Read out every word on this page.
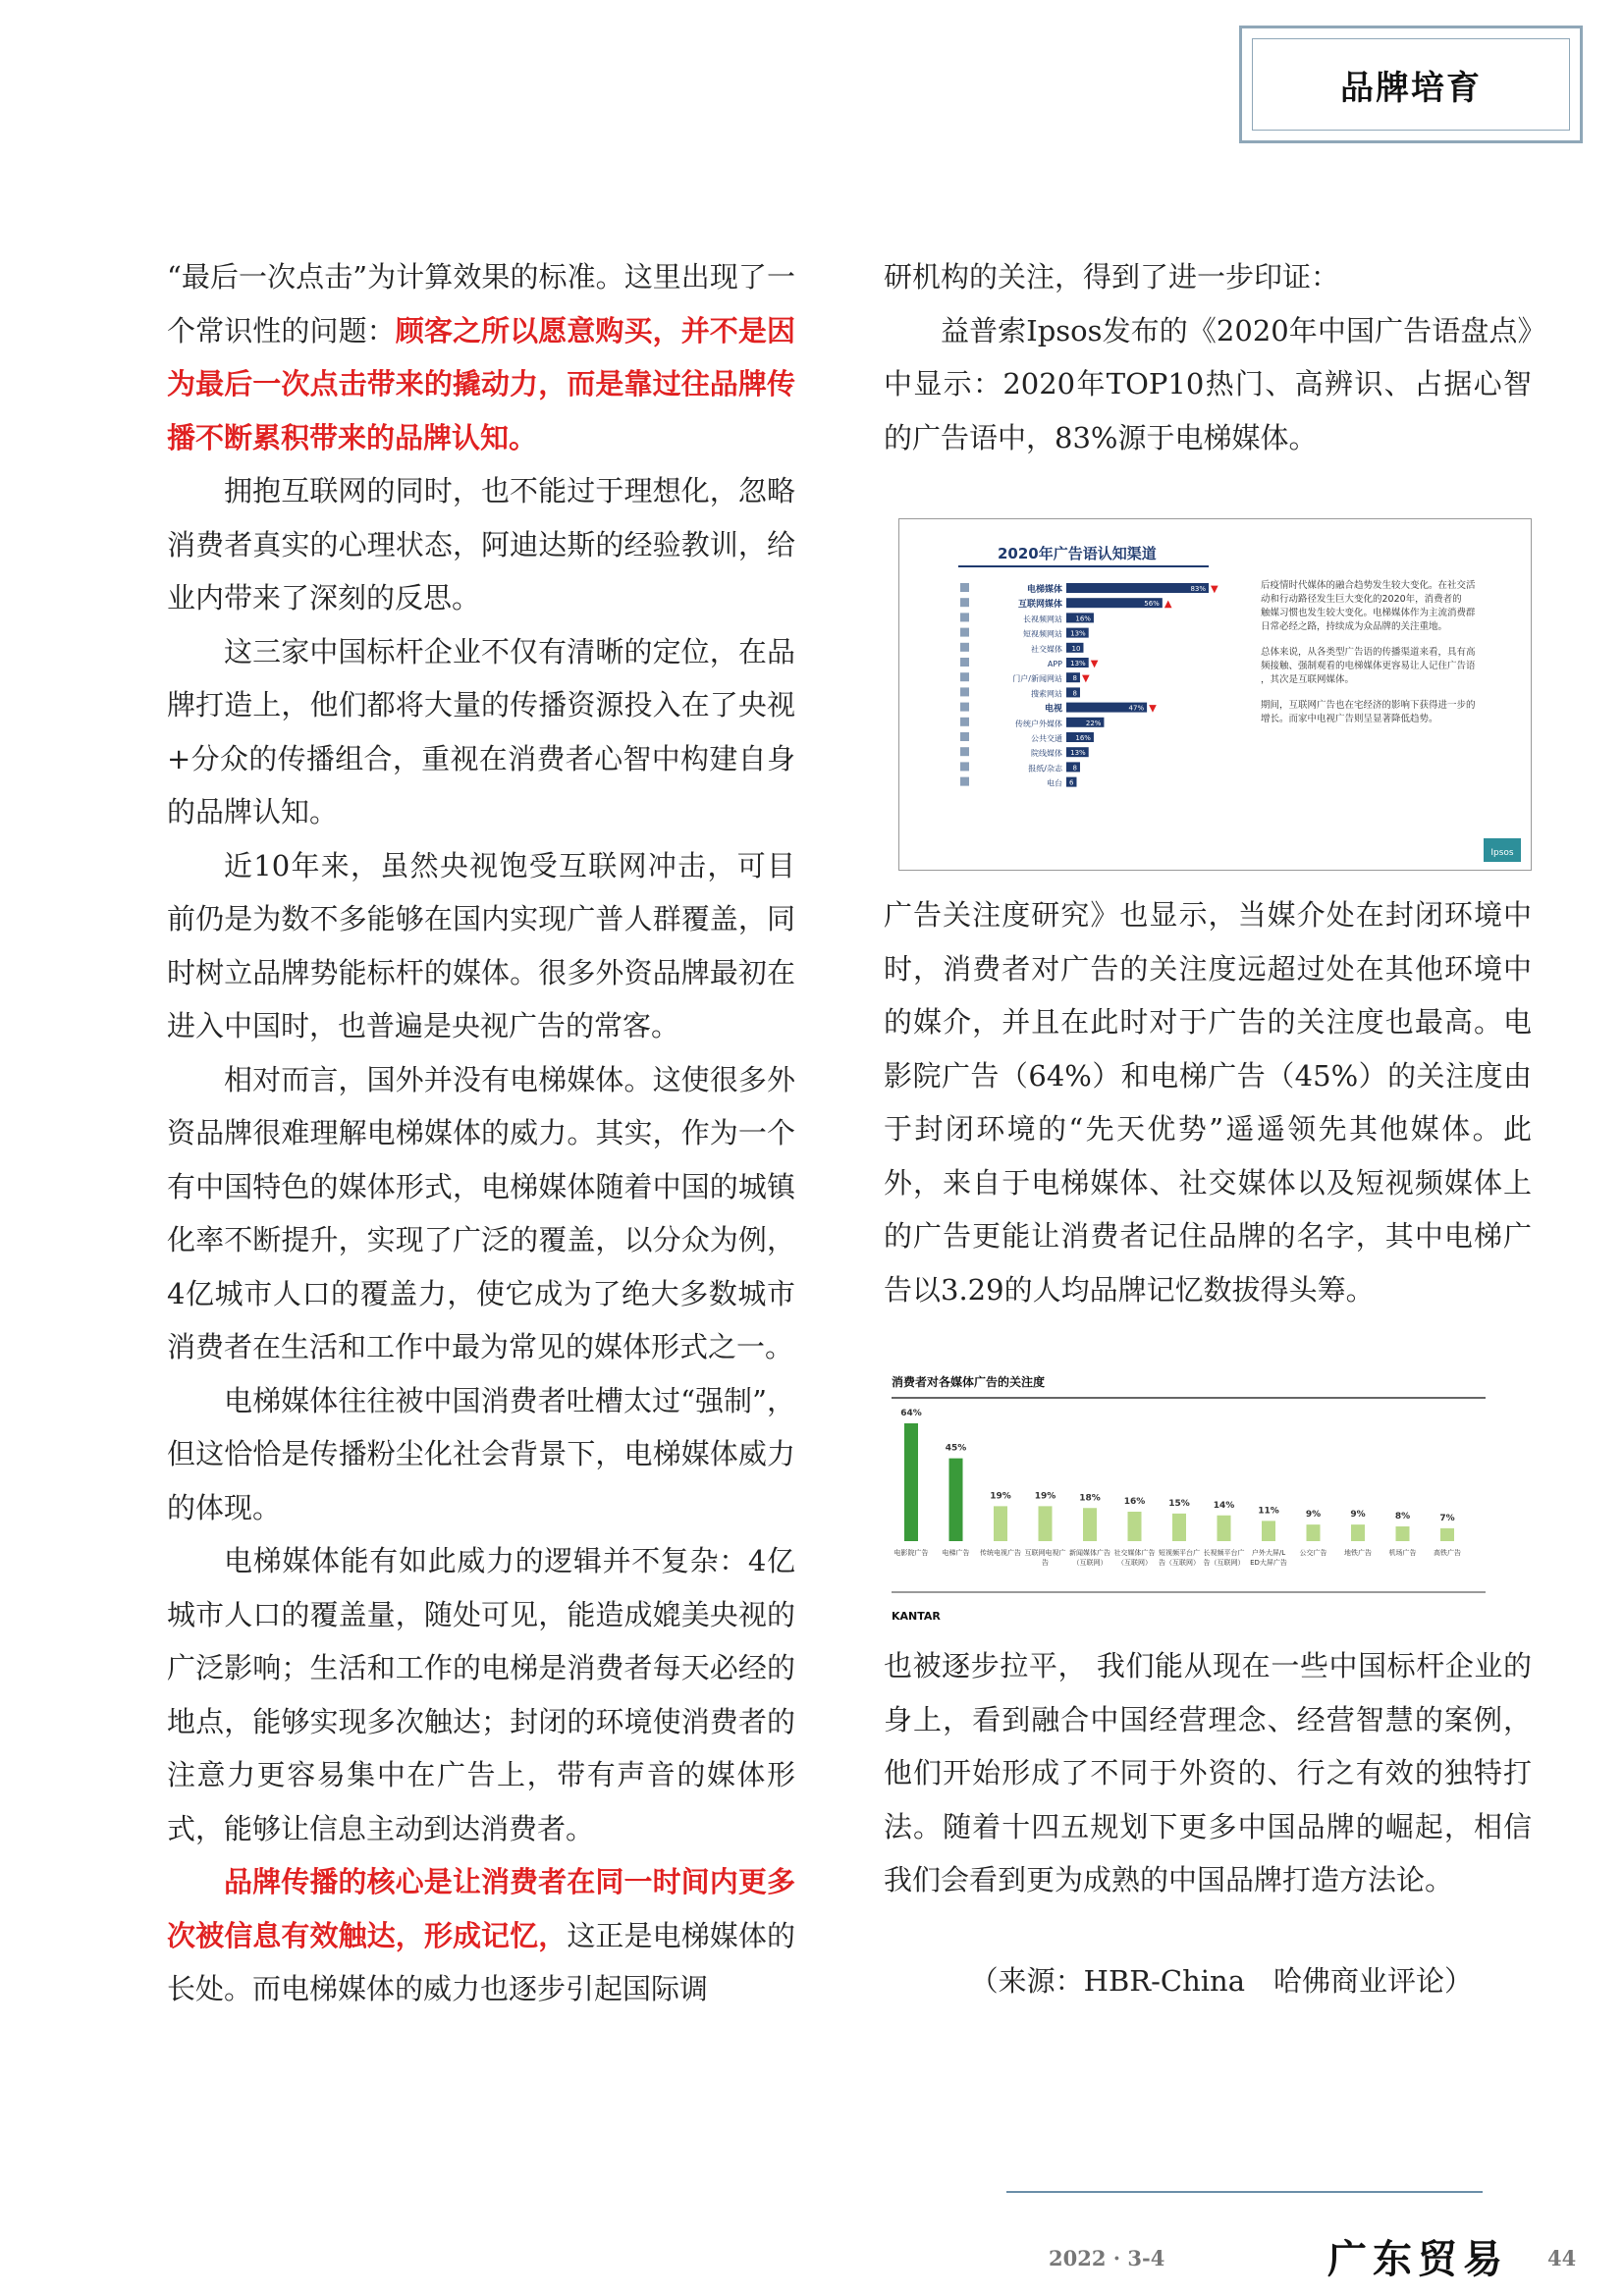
品牌培育

“最后一次点击”为计算效果的标准。这里出现了一个常识性的问题：顾客之所以愿意购买，并不是因为最后一次点击带来的撬动力，而是靠过往品牌传播不断累积带来的品牌认知。

拥抱互联网的同时，也不能过于理想化，忽略消费者真实的心理状态，阿迪达斯的经验教训，给业内带来了深刻的反思。

这三家中国标杆企业不仅有清晰的定位，在品牌打造上，他们都将大量的传播资源投入在了央视+分众的传播组合，重视在消费者心智中构建自身的品牌认知。

近10年来，虽然央视饱受互联网冲击，可目前仍是为数不多能够在国内实现广普人群覆盖，同时树立品牌势能标杆的媒体。很多外资品牌最初在进入中国时，也普遍是央视广告的常客。

相对而言，国外并没有电梯媒体。这使很多外资品牌很难理解电梯媒体的威力。其实，作为一个有中国特色的媒体形式，电梯媒体随着中国的城镇化率不断提升，实现了广泛的覆盖，以分众为例，4亿城市人口的覆盖力，使它成为了绝大多数城市消费者在生活和工作中最为常见的媒体形式之一。

电梯媒体往往被中国消费者吐槽太过“强制”，但这恰恰是传播粉尘化社会背景下，电梯媒体威力的体现。

电梯媒体能有如此威力的逻辑并不复杂：4亿城市人口的覆盖量，随处可见，能造成媲美央视的广泛影响；生活和工作的电梯是消费者每天必经的地点，能够实现多次触达；封闭的环境使消费者的注意力更容易集中在广告上，带有声音的媒体形式，能够让信息主动到达消费者。

品牌传播的核心是让消费者在同一时间内更多次被信息有效触达，形成记忆，这正是电梯媒体的长处。而电梯媒体的威力也逐步引起国际调

研机构的关注，得到了进一步印证：

益普索Ipsos发布的《2020年中国广告语盘点》中显示：2020年TOP10热门、高辨识、占据心智的广告语中，83%源于电梯媒体。

2020年广告语认知渠道
电梯媒体	83% ▼
互联网媒体	56% ▲
长视频网站 16%
短视频网站 13%
社交媒体 10
APP 13% ▼
门户/新闻网站 8 ▼
搜索网站 8
电视	47% ▼
传统户外媒体	22%
公共交通 16%
院线媒体 13%
报纸/杂志 8
电台 6
后疫情时代媒体的融合趋势发生较大变化。在社交活
动和行动路径发生巨大变化的2020年，消费者的
触媒习惯也发生较大变化。电梯媒体作为主流消费群
日常必经之路，持续成为众品牌的关注重地。
总体来说，从各类型广告语的传播渠道来看，具有高
频接触、强制观看的电梯媒体更容易让人记住广告语
，其次是互联网媒体。
期间，互联网广告也在宅经济的影响下获得进一步的
增长。而家中电视广告则呈显著降低趋势。
Ipsos

广告关注度研究》也显示，当媒介处在封闭环境中时，消费者对广告的关注度远超过处在其他环境中的媒介，并且在此时对于广告的关注度也最高。电影院广告（64%）和电梯广告（45%）的关注度由于封闭环境的“先天优势”遥遥领先其他媒体。此外，来自于电梯媒体、社交媒体以及短视频媒体上的广告更能让消费者记住品牌的名字，其中电梯广告以3.29的人均品牌记忆数拔得头筹。

消费者对各媒体广告的关注度
64%
电影院广告
45%
电梯广告
19%
传统电视广告
19%
互联网电视广
告
18%
新闻媒体广告
（互联网）
16%
社交媒体广告
（互联网）
15%
短视频平台广
告（互联网）
14%
长视频平台广
告（互联网）
11%
户外大屏/L
ED大屏广告
9%
公交广告
9%
地铁广告
8%
机场广告
7%
高铁广告
KANTAR

也被逐步拉平， 我们能从现在一些中国标杆企业的身上，看到融合中国经营理念、经营智慧的案例，他们开始形成了不同于外资的、行之有效的独特打法。随着十四五规划下更多中国品牌的崛起，相信我们会看到更为成熟的中国品牌打造方法论。

（来源：HBR-China　哈佛商业评论）

2022 · 3-4	广东贸易 44
